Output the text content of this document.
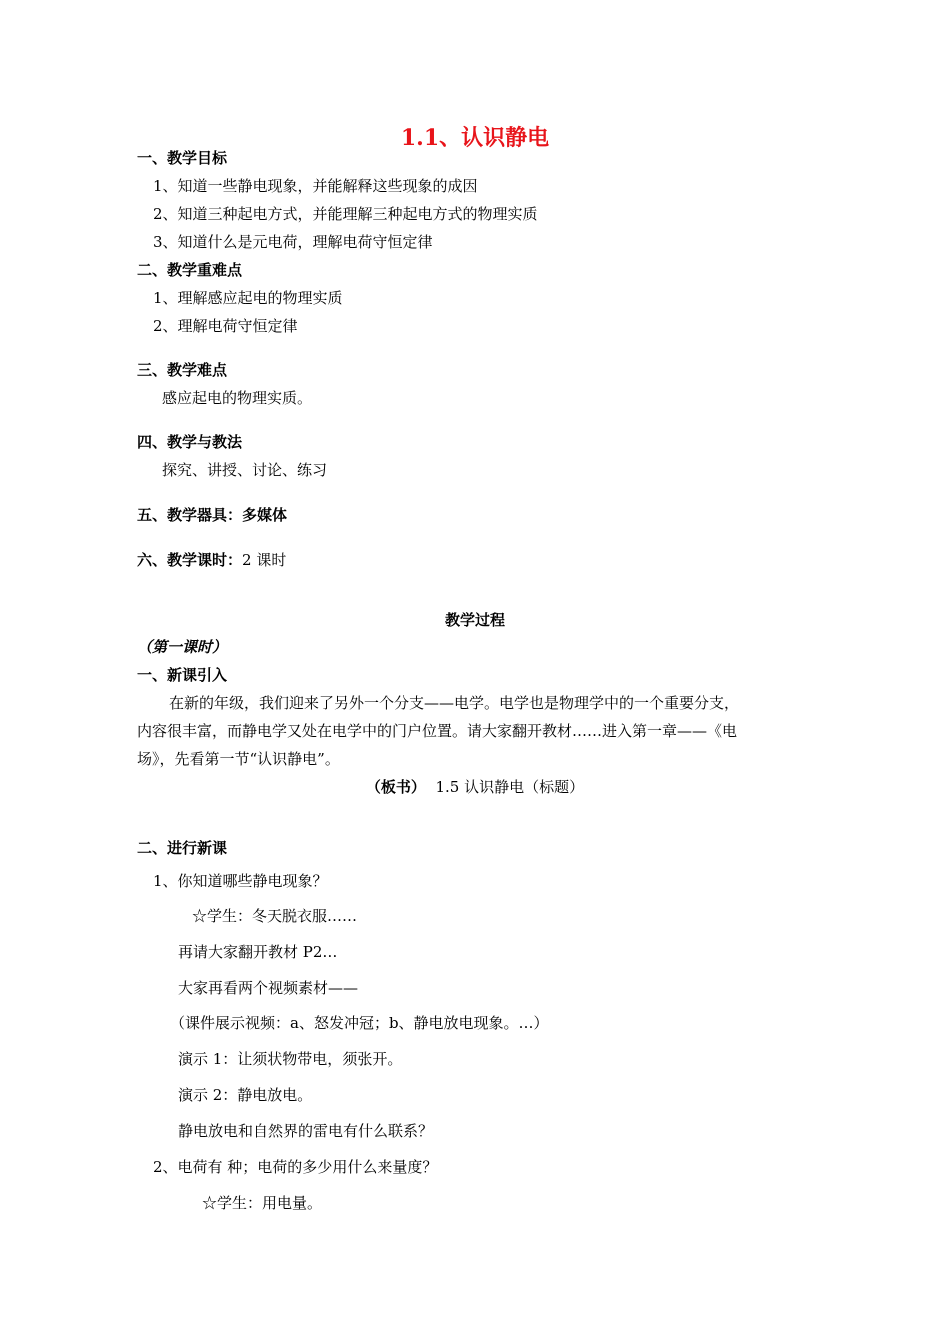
1.1、认识静电
一、教学目标
1、知道一些静电现象，并能解释这些现象的成因
2、知道三种起电方式，并能理解三种起电方式的物理实质
3、知道什么是元电荷，理解电荷守恒定律
二、教学重难点
1、理解感应起电的物理实质
2、理解电荷守恒定律
三、教学难点
感应起电的物理实质。
四、教学与教法
探究、讲授、讨论、练习
五、教学器具：多媒体
六、教学课时：2 课时
教学过程
（第一课时）
一、新课引入
在新的年级，我们迎来了另外一个分支——电学。电学也是物理学中的一个重要分支，
内容很丰富，而静电学又处在电学中的门户位置。请大家翻开教材……进入第一章——《电
场》，先看第一节“认识静电”。
（板书） 1.5 认识静电（标题）
二、进行新课
1、你知道哪些静电现象？
☆学生：冬天脱衣服……
再请大家翻开教材 P2…
大家再看两个视频素材——
（课件展示视频：a、怒发冲冠；b、静电放电现象。…）
演示 1：让须状物带电，须张开。
演示 2：静电放电。
静电放电和自然界的雷电有什么联系？
2、电荷有 种；电荷的多少用什么来量度？
☆学生：用电量。
